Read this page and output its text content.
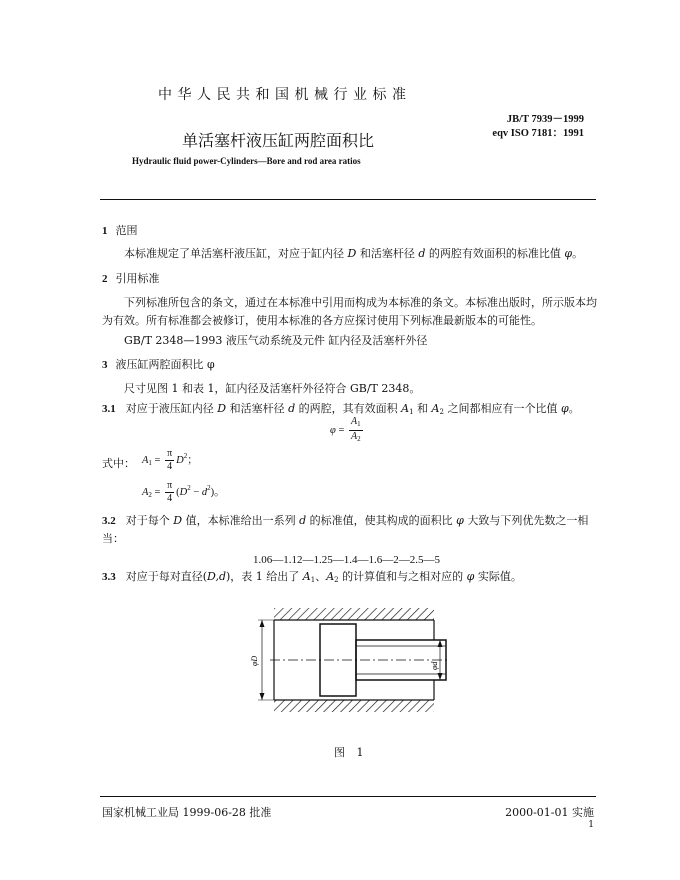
中华人民共和国机械行业标准
JB/T 7939－1999
eqv ISO 7181：1991
单活塞杆液压缸两腔面积比
Hydraulic fluid power-Cylinders—Bore and rod area ratios
1 范围
本标准规定了单活塞杆液压缸，对应于缸内径 D 和活塞杆径 d 的两腔有效面积的标准比值 φ。
2 引用标准
下列标准所包含的条文，通过在本标准中引用而构成为本标准的条文。本标准出版时，所示版本均
为有效。所有标准都会被修订，使用本标准的各方应探讨使用下列标准最新版本的可能性。
GB/T 2348—1993 液压气动系统及元件 缸内径及活塞杆外径
3 液压缸两腔面积比 φ
尺寸见图 1 和表 1，缸内径及活塞杆外径符合 GB/T 2348。
3.1 对应于液压缸内径 D 和活塞杆径 d 的两腔，其有效面积 $A_1$ 和 $A_2$ 之间都相应有一个比值 φ。
$\varphi = \frac{A_1}{A_2}$
式中： $A_1 = \frac{\pi}{4} D^2$；
$A_2 = \frac{\pi}{4} (D^2 - d^2)$。
3.2 对于每个 D 值，本标准给出一系列 d 的标准值，使其构成的面积比 φ 大致与下列优先数之一相
当：
1.06—1.12—1.25—1.4—1.6—2—2.5—5
3.3 对应于每对直径(D,d)，表 1 给出了 $A_1$、$A_2$ 的计算值和与之相对应的 φ 实际值。
φD	φd
图 1
国家机械工业局 1999-06-28 批准	2000-01-01 实施
1
